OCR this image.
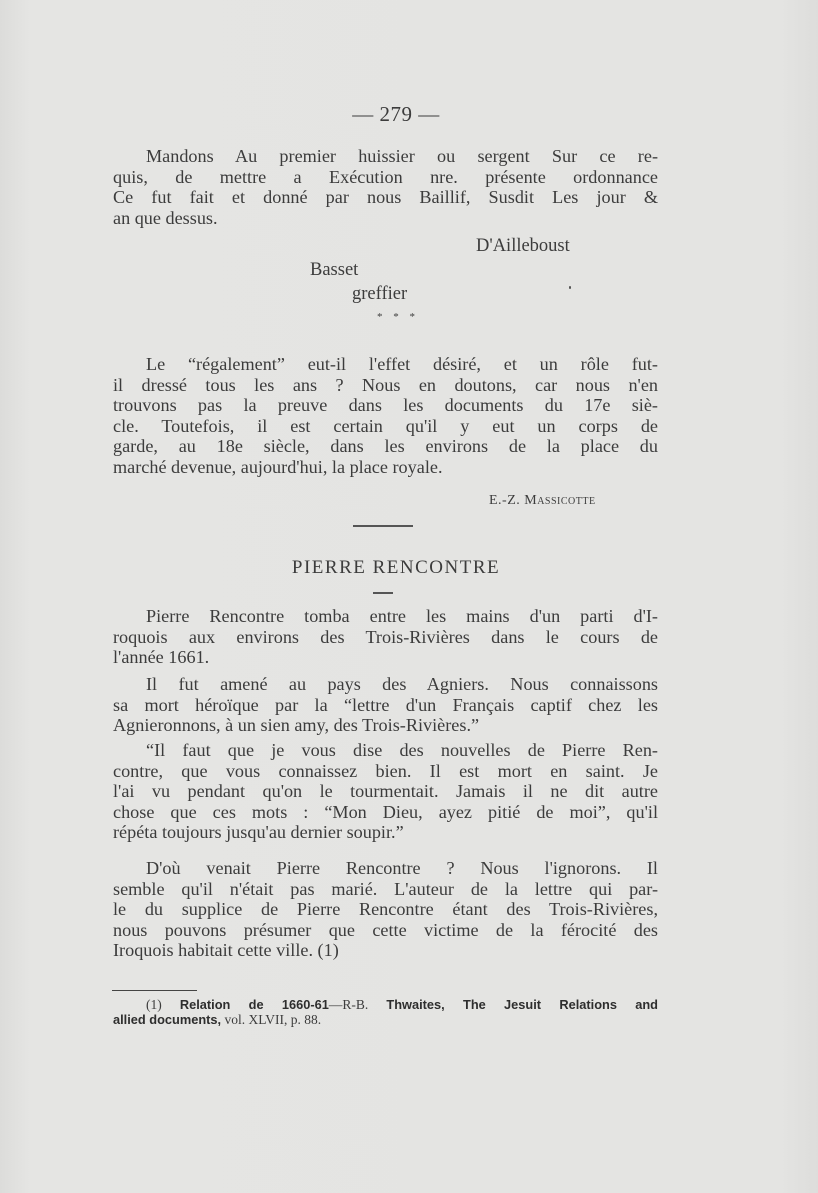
— 279 —
Mandons Au premier huissier ou sergent Sur ce re-
quis, de mettre a Exécution nre. présente ordonnance
Ce fut fait et donné par nous Baillif, Susdit Les jour &
an que dessus.
D'Ailleboust
Basset
greffier
* * *
Le “régalement” eut-il l'effet désiré, et un rôle fut-
il dressé tous les ans ? Nous en doutons, car nous n'en
trouvons pas la preuve dans les documents du 17e siè-
cle. Toutefois, il est certain qu'il y eut un corps de
garde, au 18e siècle, dans les environs de la place du
marché devenue, aujourd'hui, la place royale.
E.-Z. Massicotte
PIERRE RENCONTRE
Pierre Rencontre tomba entre les mains d'un parti d'I-
roquois aux environs des Trois-Rivières dans le cours de
l'année 1661.
Il fut amené au pays des Agniers. Nous connaissons
sa mort héroïque par la “lettre d'un Français captif chez les
Agnieronnons, à un sien amy, des Trois-Rivières.”
“Il faut que je vous dise des nouvelles de Pierre Ren-
contre, que vous connaissez bien. Il est mort en saint. Je
l'ai vu pendant qu'on le tourmentait. Jamais il ne dit autre
chose que ces mots : “Mon Dieu, ayez pitié de moi”, qu'il
répéta toujours jusqu'au dernier soupir.”
D'où venait Pierre Rencontre ? Nous l'ignorons. Il
semble qu'il n'était pas marié. L'auteur de la lettre qui par-
le du supplice de Pierre Rencontre étant des Trois-Rivières,
nous pouvons présumer que cette victime de la férocité des
Iroquois habitait cette ville. (1)
(1) Relation de 1660-61—R-B. Thwaites, The Jesuit Relations and
allied documents, vol. XLVII, p. 88.
